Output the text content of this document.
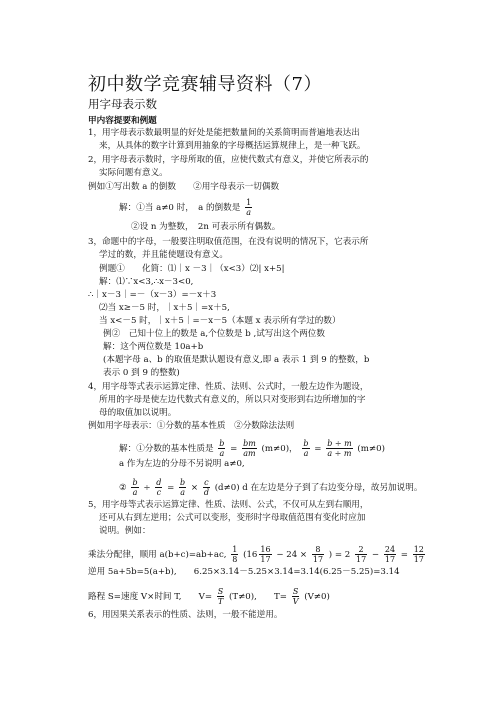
初中数学竞赛辅导资料（7）
用字母表示数
甲内容提要和例题
1，用字母表示数最明显的好处是能把数量间的关系简明而普遍地表达出
来，从具体的数字计算到用抽象的字母概括运算规律上，是一种飞跃。
2，用字母表示数时，字母所取的值，应使代数式有意义，并使它所表示的
实际问题有意义。
例如①写出数 a 的倒数　　②用字母表示一切偶数
解：①当 a≠0 时，　a 的倒数是 $\frac{1}{a}$
②设 n 为整数，　2n 可表示所有偶数。
3，命题中的字母，一般要注明取值范围，在没有说明的情况下，它表示所
学过的数，并且能使题设有意义。
例题①　　化简：⑴｜x －3｜（x<3）⑵| x+5|
解：⑴∵x<3,∴x－3<0,
∴｜x－3｜=－（x－3）=－x＋3
⑵当 x≥－5 时，｜x＋5｜=x＋5,
当 x<－5 时，｜x＋5｜=－x－5（本题 x 表示所有学过的数）
例②　己知十位上的数是 a,个位数是 b ,试写出这个两位数
解：这个两位数是 10a+b
(本题字母 a、b 的取值是默认题设有意义,即 a 表示 1 到 9 的整数，b
表示 0 到 9 的整数)
4，用字母等式表示运算定律、性质、法则、公式时，一般左边作为题设，
所用的字母是使左边代数式有意义的，所以只对变形到右边所增加的字
母的取值加以说明。
例如用字母表示：①分数的基本性质　②分数除法法则
解：①分数的基本性质是 $\frac{b}{a} = \frac{bm}{am} (m\ne 0)$， $\frac{b}{a} = \frac{b \div m}{a \div m} (m\ne 0)$
a 作为左边的分母不另说明 a≠0,
② $\frac{b}{a} \div \frac{d}{c} = \frac{b}{a} \times \frac{c}{d} (d\ne 0)$ d 在左边是分子到了右边变分母，故另加说明。
5，用字母等式表示运算定律、性质、法则、公式，不仅可从左到右顺用，
还可从右到左逆用；公式可以变形，变形时字母取值范围有变化时应加
说明。例如：
乘法分配律，顺用 a(b+c)=ab+ac, $\frac{1}{8} (16 \frac{16}{17} - 24 \times \frac{8}{17}$ ) = $2 \frac{2}{17} - \frac{24}{17} = \frac{12}{17}$
逆用 5a+5b=5(a+b),　　6.25×3.14－5.25×3.14=3.14(6.25－5.25)=3.14
路程 S=速度 V×时间 T,　　$V= \frac{S}{T} (T\ne 0)$,　　$T= \frac{S}{V} (V\ne 0)$
6，用因果关系表示的性质、法则，一般不能逆用。
